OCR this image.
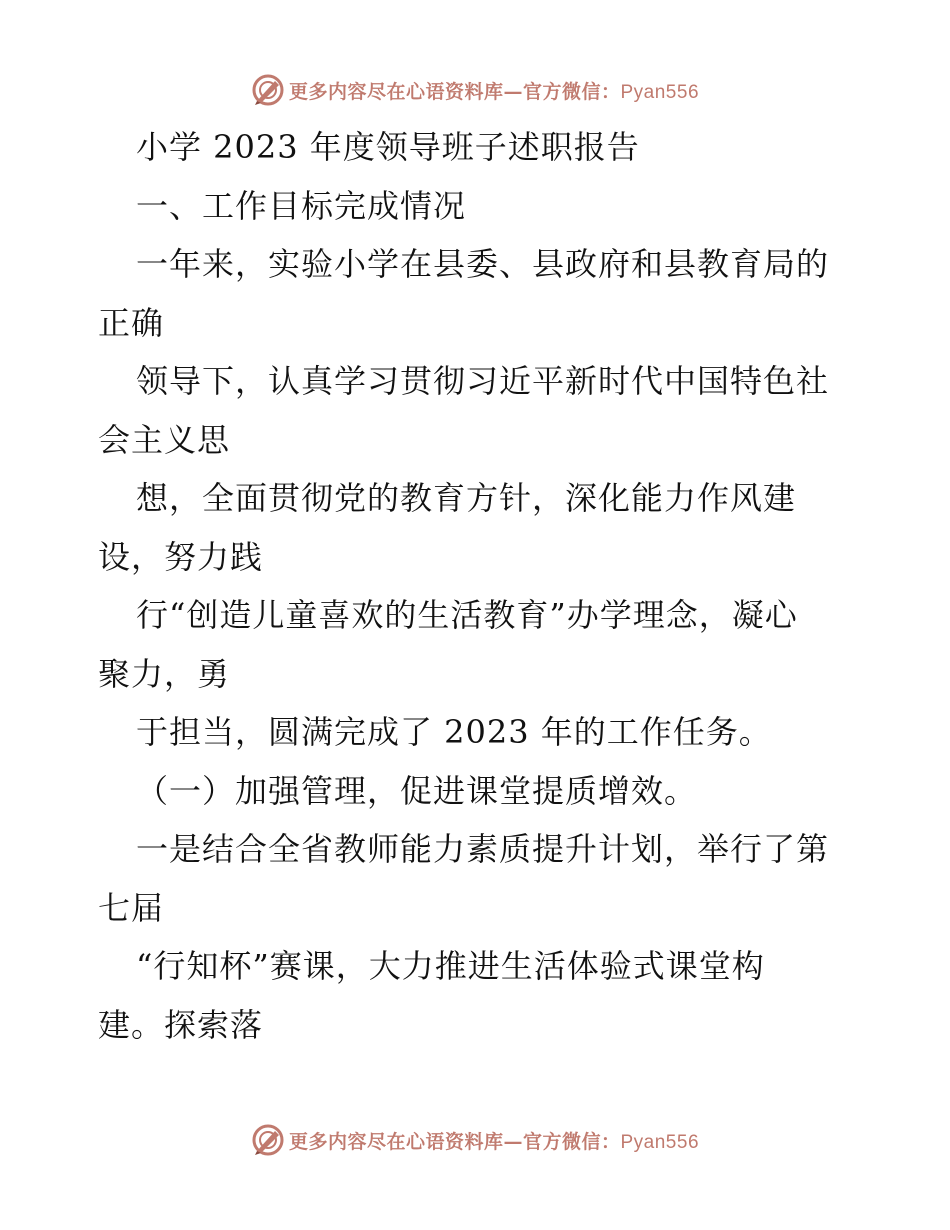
更多内容尽在心语资料库—官方微信：Pyan556
小学 2023 年度领导班子述职报告
一、工作目标完成情况
一年来，实验小学在县委、县政府和县教育局的
正确
领导下，认真学习贯彻习近平新时代中国特色社
会主义思
想，全面贯彻党的教育方针，深化能力作风建
设，努力践
行“创造儿童喜欢的生活教育”办学理念，凝心
聚力，勇
于担当，圆满完成了 2023 年的工作任务。
（一）加强管理，促进课堂提质增效。
一是结合全省教师能力素质提升计划，举行了第
七届
“行知杯”赛课，大力推进生活体验式课堂构
建。探索落
更多内容尽在心语资料库—官方微信：Pyan556
